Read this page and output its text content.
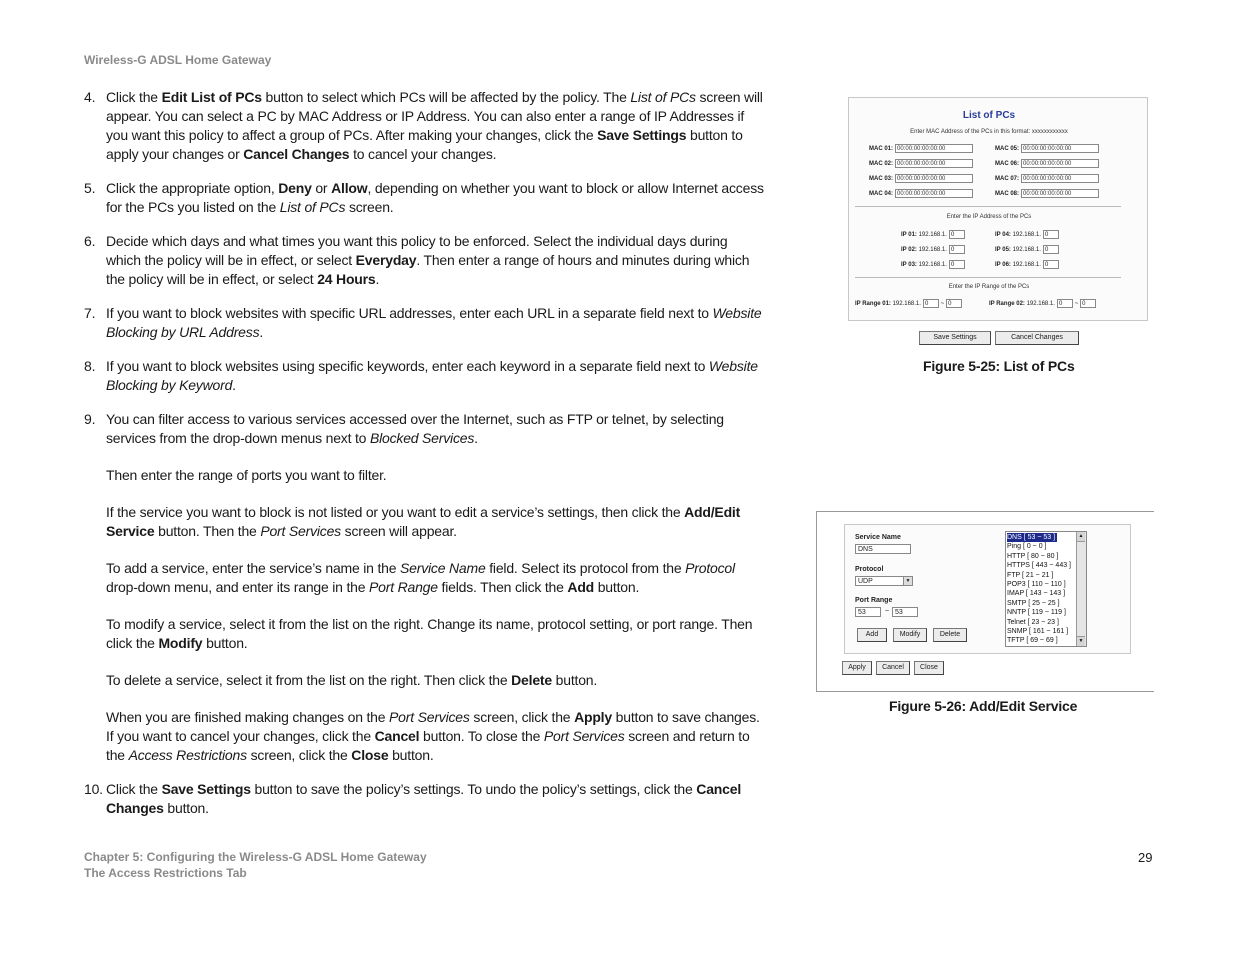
Wireless-G ADSL Home Gateway
4. Click the Edit List of PCs button to select which PCs will be affected by the policy. The List of PCs screen will appear. You can select a PC by MAC Address or IP Address. You can also enter a range of IP Addresses if you want this policy to affect a group of PCs. After making your changes, click the Save Settings button to apply your changes or Cancel Changes to cancel your changes.

5. Click the appropriate option, Deny or Allow, depending on whether you want to block or allow Internet access for the PCs you listed on the List of PCs screen.

6. Decide which days and what times you want this policy to be enforced. Select the individual days during which the policy will be in effect, or select Everyday. Then enter a range of hours and minutes during which the policy will be in effect, or select 24 Hours.

7. If you want to block websites with specific URL addresses, enter each URL in a separate field next to Website Blocking by URL Address.

8. If you want to block websites using specific keywords, enter each keyword in a separate field next to Website Blocking by Keyword.

9. You can filter access to various services accessed over the Internet, such as FTP or telnet, by selecting services from the drop-down menus next to Blocked Services.

Then enter the range of ports you want to filter.

If the service you want to block is not listed or you want to edit a service’s settings, then click the Add/Edit Service button. Then the Port Services screen will appear.

To add a service, enter the service’s name in the Service Name field. Select its protocol from the Protocol drop-down menu, and enter its range in the Port Range fields. Then click the Add button.

To modify a service, select it from the list on the right. Change its name, protocol setting, or port range. Then click the Modify button.

To delete a service, select it from the list on the right. Then click the Delete button.

When you are finished making changes on the Port Services screen, click the Apply button to save changes. If you want to cancel your changes, click the Cancel button. To close the Port Services screen and return to the Access Restrictions screen, click the Close button.

10. Click the Save Settings button to save the policy’s settings. To undo the policy’s settings, click the Cancel Changes button.

List of PCs
Enter MAC Address of the PCs in this format: xxxxxxxxxxxx
MAC 01: 00:00:00:00:00:00
MAC 02: 00:00:00:00:00:00
MAC 03: 00:00:00:00:00:00
MAC 04: 00:00:00:00:00:00
MAC 05: 00:00:00:00:00:00
MAC 06: 00:00:00:00:00:00
MAC 07: 00:00:00:00:00:00
MAC 08: 00:00:00:00:00:00
Enter the IP Address of the PCs
IP 01: 192.168.1. 0
IP 02: 192.168.1. 0
IP 03: 192.168.1. 0
IP 04: 192.168.1. 0
IP 05: 192.168.1. 0
IP 06: 192.168.1. 0
Enter the IP Range of the PCs
IP Range 01: 192.168.1. 0 ~ 0	IP Range 02: 192.168.1. 0 ~ 0
Save Settings	Cancel Changes
Figure 5-25: List of PCs
Service Name
DNS
Protocol
UDP	▼
Port Range
53	~ 53
Add	Modify	Delete
▲
▼
DNS [ 53 ~ 53 ]
Ping [ 0 ~ 0 ]
HTTP [ 80 ~ 80 ]
HTTPS [ 443 ~ 443 ]
FTP [ 21 ~ 21 ]
POP3 [ 110 ~ 110 ]
IMAP [ 143 ~ 143 ]
SMTP [ 25 ~ 25 ]
NNTP [ 119 ~ 119 ]
Telnet [ 23 ~ 23 ]
SNMP [ 161 ~ 161 ]
TFTP [ 69 ~ 69 ]
Apply	Cancel	Close
Figure 5-26: Add/Edit Service
Chapter 5: Configuring the Wireless-G ADSL Home Gateway
The Access Restrictions Tab
29
